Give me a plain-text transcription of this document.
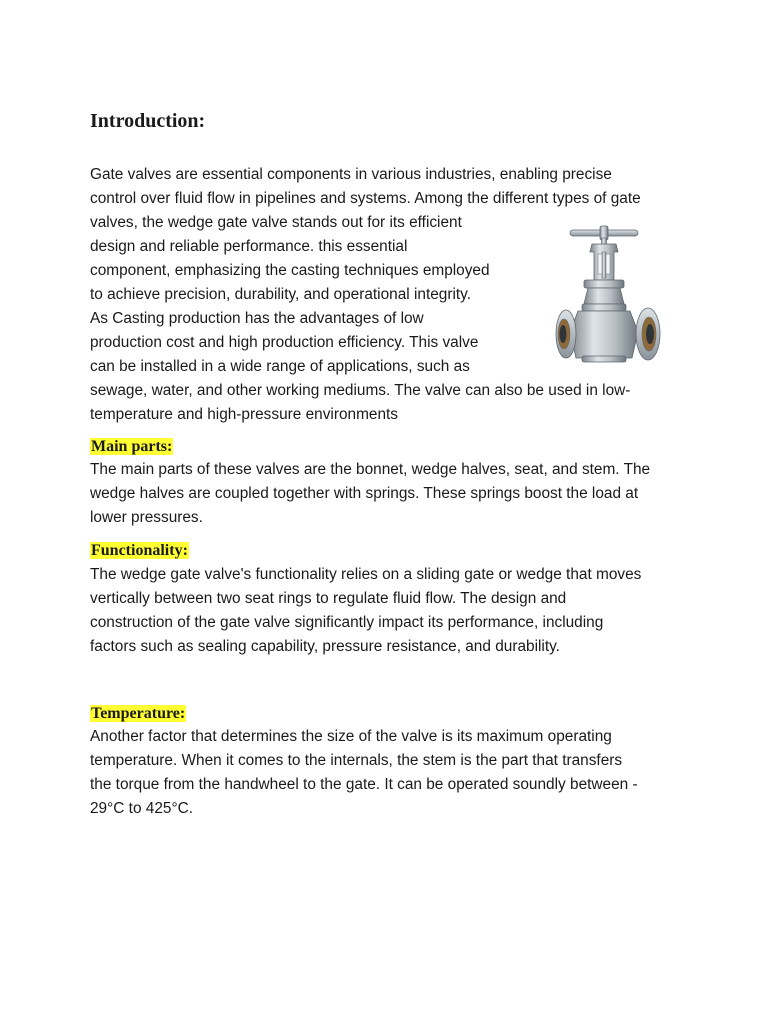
Introduction:
Gate valves are essential components in various industries, enabling precise
control over fluid flow in pipelines and systems. Among the different types of gate
valves, the wedge gate valve stands out for its efficient
design and reliable performance. this essential
component, emphasizing the casting techniques employed
to achieve precision, durability, and operational integrity.
As Casting production has the advantages of low
production cost and high production efficiency. This valve
can be installed in a wide range of applications, such as
sewage, water, and other working mediums. The valve can also be used in low-
temperature and high-pressure environments
Main parts:
The main parts of these valves are the bonnet, wedge halves, seat, and stem. The
wedge halves are coupled together with springs. These springs boost the load at
lower pressures.
Functionality:
The wedge gate valve's functionality relies on a sliding gate or wedge that moves
vertically between two seat rings to regulate fluid flow. The design and
construction of the gate valve significantly impact its performance, including
factors such as sealing capability, pressure resistance, and durability.
Temperature:
Another factor that determines the size of the valve is its maximum operating
temperature. When it comes to the internals, the stem is the part that transfers
the torque from the handwheel to the gate. It can be operated soundly between -
29°C to 425°C.
